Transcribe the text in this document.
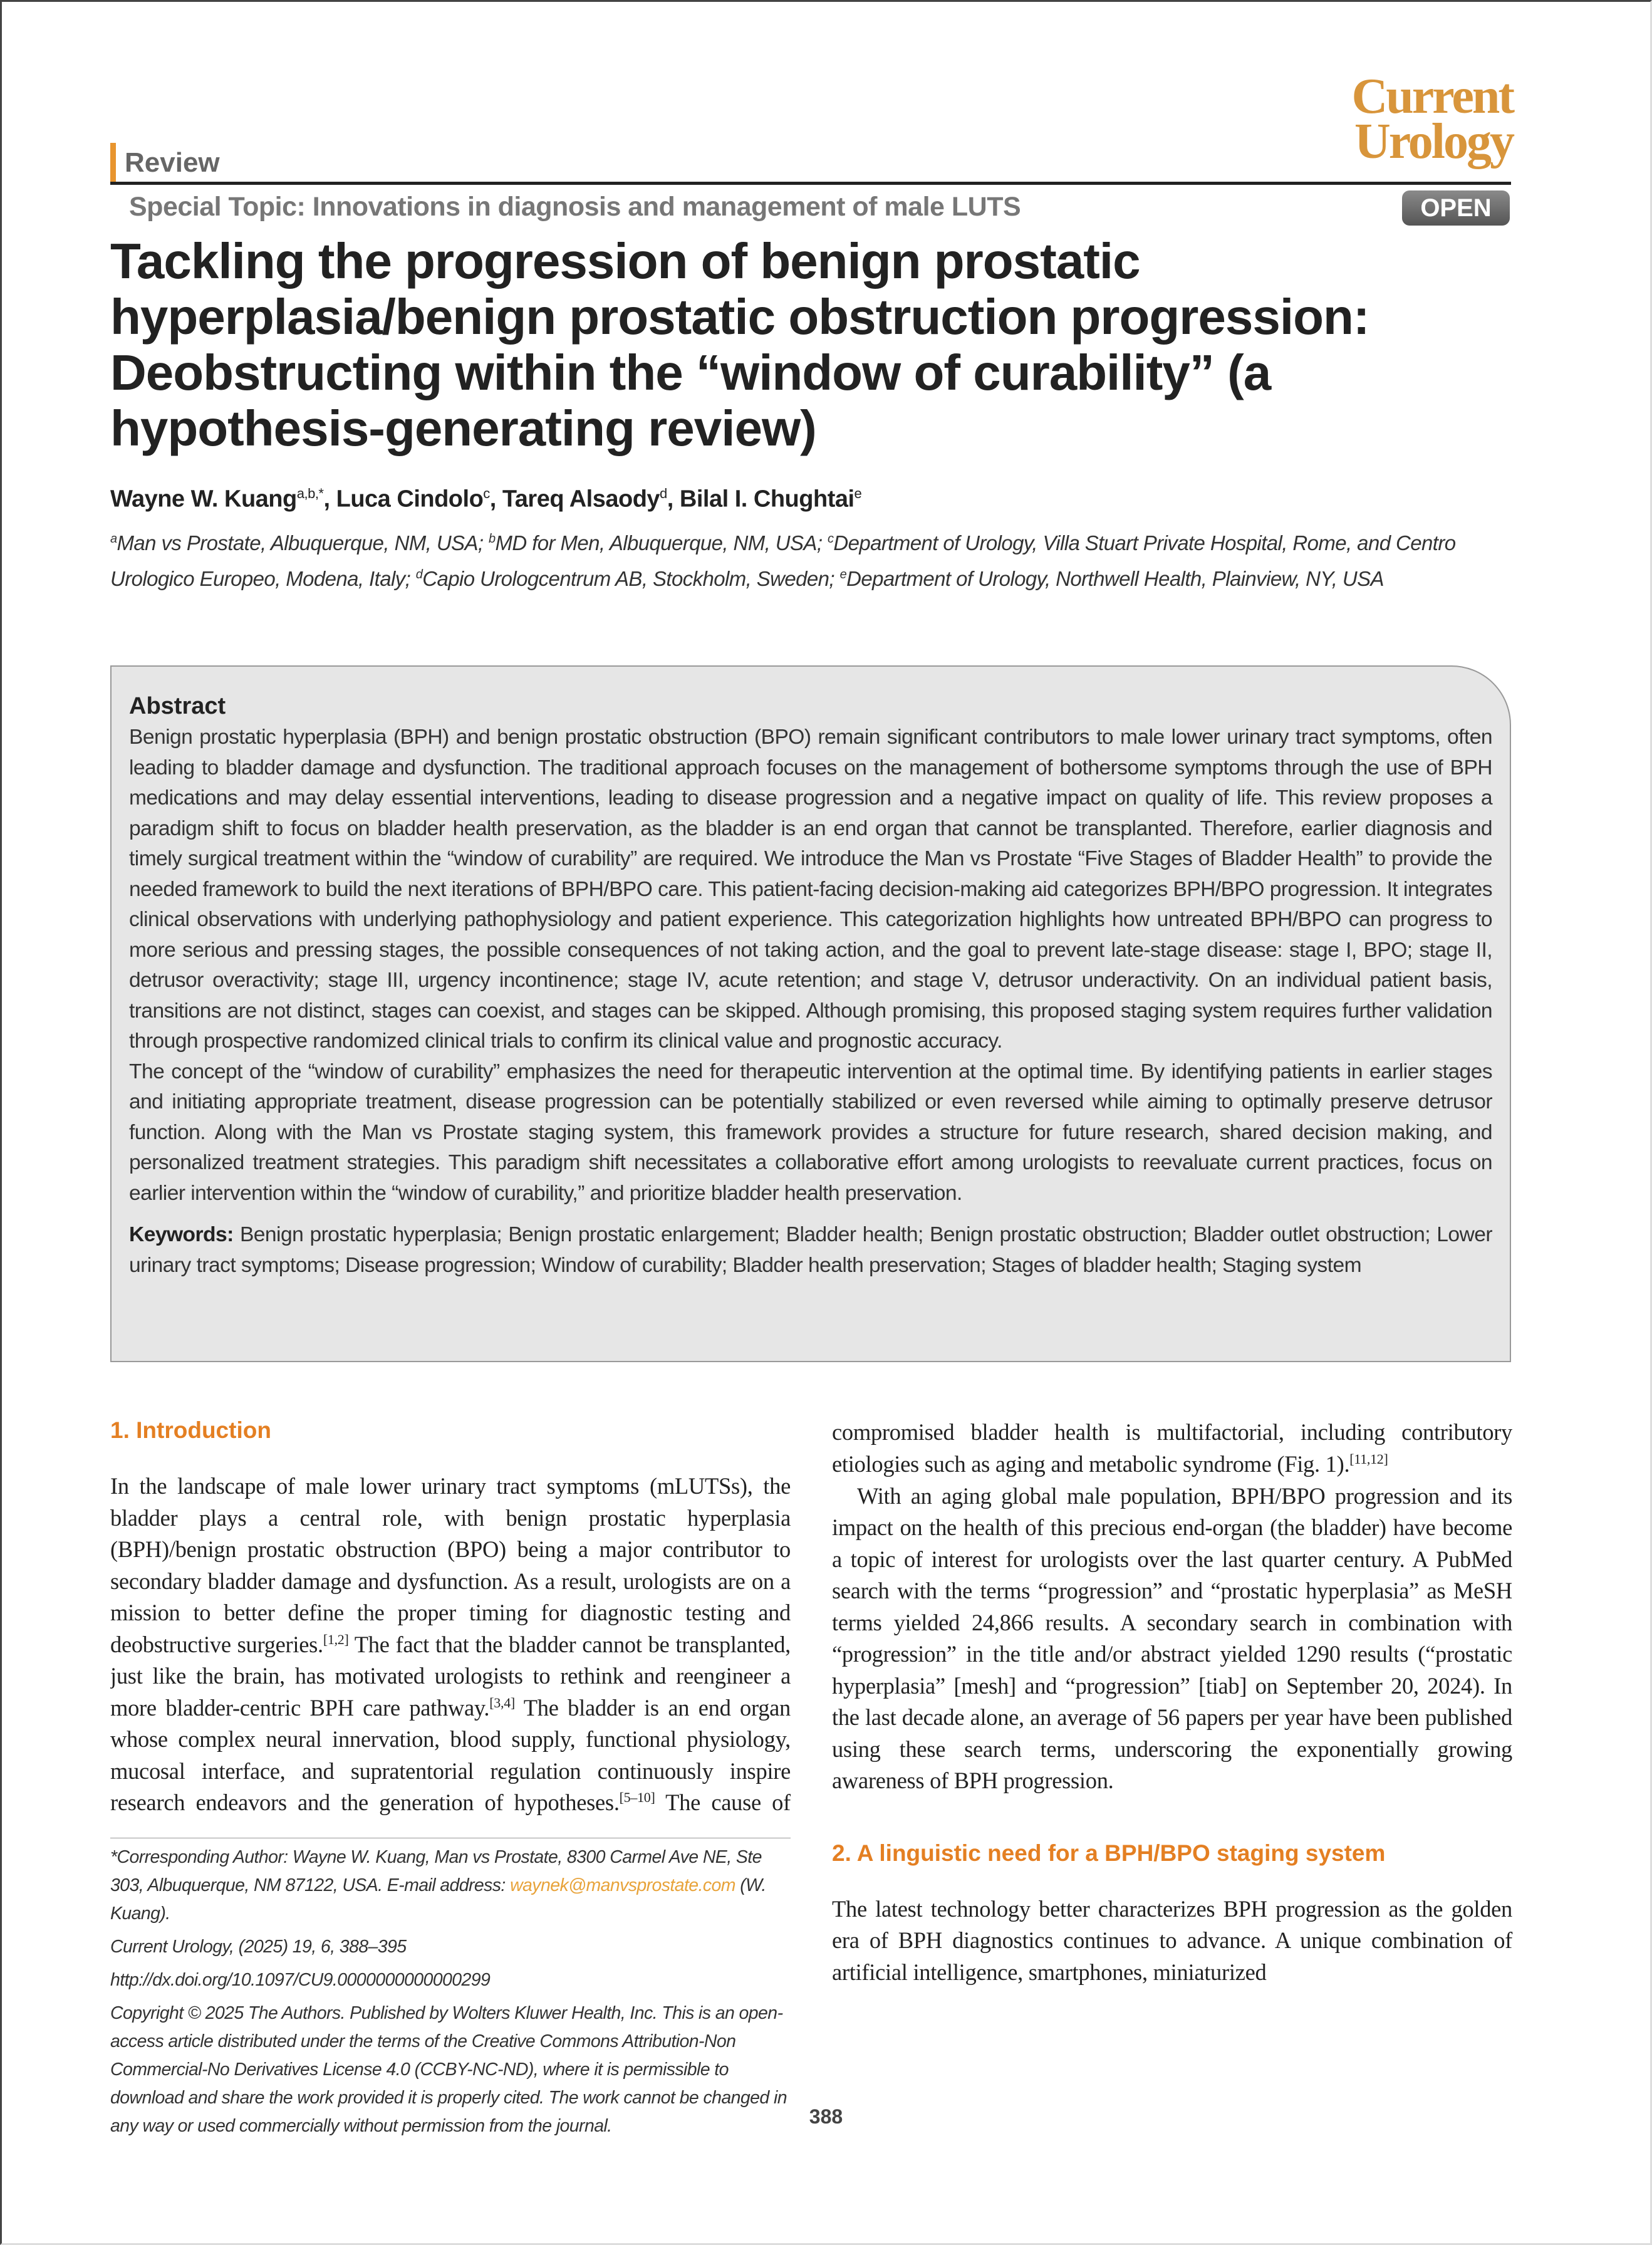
Review
Current
Urology
Special Topic: Innovations in diagnosis and management of male LUTS	OPEN
Tackling the progression of benign prostatic hyperplasia/benign prostatic obstruction progression: Deobstructing within the “window of curability” (a hypothesis-generating review)
Wayne W. Kuang$^{a,b,*}$, Luca Cindolo$^c$, Tareq Alsaody$^d$, Bilal I. Chughtai$^e$
$^a$Man vs Prostate, Albuquerque, NM, USA; $^b$MD for Men, Albuquerque, NM, USA; $^c$Department of Urology, Villa Stuart Private Hospital, Rome, and Centro Urologico Europeo, Modena, Italy; $^d$Capio Urologcentrum AB, Stockholm, Sweden; $^e$Department of Urology, Northwell Health, Plainview, NY, USA
Abstract

Benign prostatic hyperplasia (BPH) and benign prostatic obstruction (BPO) remain significant contributors to male lower urinary tract symptoms, often leading to bladder damage and dysfunction. The traditional approach focuses on the management of bothersome symptoms through the use of BPH medications and may delay essential interventions, leading to disease progression and a negative impact on quality of life. This review proposes a paradigm shift to focus on bladder health preservation, as the bladder is an end organ that cannot be transplanted. Therefore, earlier diagnosis and timely surgical treatment within the “window of curability” are required. We introduce the Man vs Prostate “Five Stages of Bladder Health” to provide the needed framework to build the next iterations of BPH/BPO care. This patient-facing decision-making aid categorizes BPH/BPO progression. It integrates clinical observations with underlying pathophysiology and patient experience. This categorization highlights how untreated BPH/BPO can progress to more serious and pressing stages, the possible consequences of not taking action, and the goal to prevent late-stage disease: stage I, BPO; stage II, detrusor overactivity; stage III, urgency incontinence; stage IV, acute retention; and stage V, detrusor underactivity. On an individual patient basis, transitions are not distinct, stages can coexist, and stages can be skipped. Although promising, this proposed staging system requires further validation through prospective randomized clinical trials to confirm its clinical value and prognostic accuracy.

The concept of the “window of curability” emphasizes the need for therapeutic intervention at the optimal time. By identifying patients in earlier stages and initiating appropriate treatment, disease progression can be potentially stabilized or even reversed while aiming to optimally preserve detrusor function. Along with the Man vs Prostate staging system, this framework provides a structure for future research, shared decision making, and personalized treatment strategies. This paradigm shift necessitates a collaborative effort among urologists to reevaluate current practices, focus on earlier intervention within the “window of curability,” and prioritize bladder health preservation.

Keywords: Benign prostatic hyperplasia; Benign prostatic enlargement; Bladder health; Benign prostatic obstruction; Bladder outlet obstruction; Lower urinary tract symptoms; Disease progression; Window of curability; Bladder health preservation; Stages of bladder health; Staging system

1. Introduction

In the landscape of male lower urinary tract symptoms (mLUTSs), the bladder plays a central role, with benign prostatic hyperplasia (BPH)/benign prostatic obstruction (BPO) being a major contributor to secondary bladder damage and dysfunction. As a result, urologists are on a mission to better define the proper timing for diagnostic testing and deobstructive surgeries.[1,2] The fact that the bladder cannot be transplanted, just like the brain, has motivated urologists to rethink and reengineer a more bladder-centric BPH care pathway.[3,4] The bladder is an end organ whose complex neural innervation, blood supply, functional physiology, mucosal interface, and supratentorial regulation continuously inspire research endeavors and the generation of hypotheses.[5–10] The cause of

*Corresponding Author: Wayne W. Kuang, Man vs Prostate, 8300 Carmel Ave NE, Ste 303, Albuquerque, NM 87122, USA. E-mail address: waynek@manvsprostate.com (W. Kuang).

Current Urology, (2025) 19, 6, 388–395

http://dx.doi.org/10.1097/CU9.0000000000000299

Copyright © 2025 The Authors. Published by Wolters Kluwer Health, Inc. This is an open-access article distributed under the terms of the Creative Commons Attribution-Non Commercial-No Derivatives License 4.0 (CCBY-NC-ND), where it is permissible to download and share the work provided it is properly cited. The work cannot be changed in any way or used commercially without permission from the journal.

compromised bladder health is multifactorial, including contributory etiologies such as aging and metabolic syndrome (Fig. 1).[11,12]

With an aging global male population, BPH/BPO progression and its impact on the health of this precious end-organ (the bladder) have become a topic of interest for urologists over the last quarter century. A PubMed search with the terms “progression” and “prostatic hyperplasia” as MeSH terms yielded 24,866 results. A secondary search in combination with “progression” in the title and/or abstract yielded 1290 results (“prostatic hyperplasia” [mesh] and “progression” [tiab] on September 20, 2024). In the last decade alone, an average of 56 papers per year have been published using these search terms, underscoring the exponentially growing awareness of BPH progression.

2. A linguistic need for a BPH/BPO staging system

The latest technology better characterizes BPH progression as the golden era of BPH diagnostics continues to advance. A unique combination of artificial intelligence, smartphones, miniaturized

388
